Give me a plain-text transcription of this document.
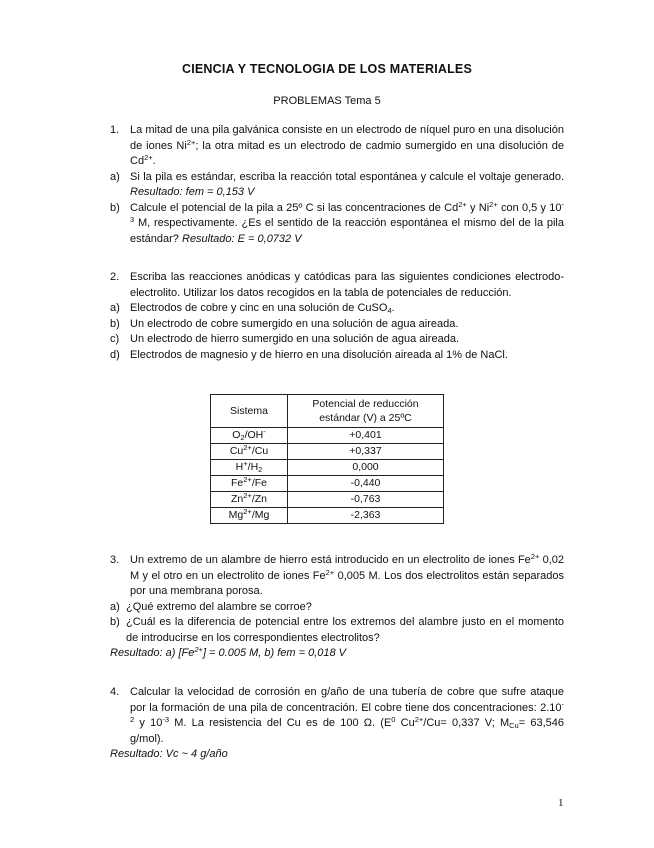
CIENCIA Y TECNOLOGIA DE LOS MATERIALES
PROBLEMAS Tema 5
1. La mitad de una pila galvánica consiste en un electrodo de níquel puro en una disolución de iones $Ni^{2+}$; la otra mitad es un electrodo de cadmio sumergido en una disolución de $Cd^{2+}$.
a) Si la pila es estándar, escriba la reacción total espontánea y calcule el voltaje generado. Resultado: fem = 0,153 V
b) Calcule el potencial de la pila a 25º C si las concentraciones de $Cd^{2+}$ y $Ni^{2+}$ con 0,5 y $10^{-3}$ M, respectivamente. ¿Es el sentido de la reacción espontánea el mismo del de la pila estándar? Resultado: E = 0,0732 V
2. Escriba las reacciones anódicas y catódicas para las siguientes condiciones electrodo-electrolito. Utilizar los datos recogidos en la tabla de potenciales de reducción.
a) Electrodos de cobre y cinc en una solución de CuSO$_4$.
b) Un electrodo de cobre sumergido en una solución de agua aireada.
c) Un electrodo de hierro sumergido en una solución de agua aireada.
d) Electrodos de magnesio y de hierro en una disolución aireada al 1% de NaCl.
Sistema	Potencial de reducción
estándar (V) a 25ºC
$O_2/OH^-$	+0,401
$Cu^{2+}/Cu$	+0,337
$H^+/H_2$	0,000
$Fe^{2+}/Fe$	-0,440
$Zn^{2+}/Zn$	-0,763
$Mg^{2+}/Mg$	-2,363
3. Un extremo de un alambre de hierro está introducido en un electrolito de iones $Fe^{2+}$ 0,02 M y el otro en un electrolito de iones $Fe^{2+}$ 0,005 M. Los dos electrolitos están separados por una membrana porosa.
a) ¿Qué extremo del alambre se corroe?
b) ¿Cuál es la diferencia de potencial entre los extremos del alambre justo en el momento de introducirse en los correspondientes electrolitos?
Resultado: a) $[Fe^{2+}] = 0.005$ M, b) fem = 0,018 V
4. Calcular la velocidad de corrosión en g/año de una tubería de cobre que sufre ataque por la formación de una pila de concentración. El cobre tiene dos concentraciones: $2.10^{-2}$ y $10^{-3}$ M. La resistencia del Cu es de 100 Ω. ($E^0$ $Cu^{2+}/Cu= 0,337$ V; $M_{Cu}= 63,546$ g/mol).
Resultado: Vc ~ 4 g/año
1
